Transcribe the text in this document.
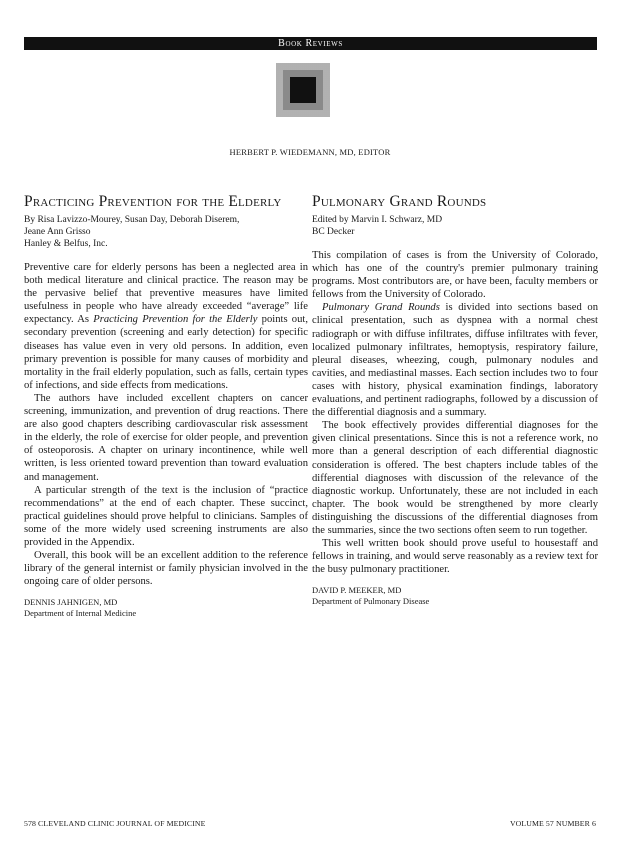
Book Reviews
HERBERT P. WIEDEMANN, MD, EDITOR
Practicing Prevention for the Elderly
By Risa Lavizzo-Mourey, Susan Day, Deborah Diserem,
Jeane Ann Grisso
Hanley & Belfus, Inc.

Preventive care for elderly persons has been a neglected area in both medical literature and clinical practice. The reason may be the pervasive belief that preventive measures have limited usefulness in people who have already exceeded “average” life expectancy. As Practicing Prevention for the Elderly points out, secondary prevention (screening and early detection) for specific diseases has value even in very old persons. In addition, even primary prevention is possible for many causes of morbidity and mortality in the frail elderly population, such as falls, certain types of infections, and side effects from medications.

The authors have included excellent chapters on cancer screening, immunization, and prevention of drug reactions. There are also good chapters describing cardiovascular risk assessment in the elderly, the role of exercise for older people, and prevention of osteoporosis. A chapter on urinary incontinence, while well written, is less oriented toward prevention than toward evaluation and management.

A particular strength of the text is the inclusion of “practice recommendations” at the end of each chapter. These succinct, practical guidelines should prove helpful to clinicians. Samples of some of the more widely used screening instruments are also provided in the Appendix.

Overall, this book will be an excellent addition to the reference library of the general internist or family physician involved in the ongoing care of older persons.

DENNIS JAHNIGEN, MD
Department of Internal Medicine
Pulmonary Grand Rounds
Edited by Marvin I. Schwarz, MD
BC Decker

This compilation of cases is from the University of Colorado, which has one of the country's premier pulmonary training programs. Most contributors are, or have been, faculty members or fellows from the University of Colorado.

Pulmonary Grand Rounds is divided into sections based on clinical presentation, such as dyspnea with a normal chest radiograph or with diffuse infiltrates, diffuse infiltrates with fever, localized pulmonary infiltrates, hemoptysis, respiratory failure, pleural diseases, wheezing, cough, pulmonary nodules and cavities, and mediastinal masses. Each section includes two to four cases with history, physical examination findings, laboratory evaluations, and pertinent radiographs, followed by a discussion of the differential diagnosis and a summary.

The book effectively provides differential diagnoses for the given clinical presentations. Since this is not a reference work, no more than a general description of each differential diagnostic consideration is offered. The best chapters include tables of the differential diagnoses with discussion of the relevance of the diagnostic workup. Unfortunately, these are not included in each chapter. The book would be strengthened by more clearly distinguishing the discussions of the differential diagnoses from the summaries, since the two sections often seem to run together.

This well written book should prove useful to housestaff and fellows in training, and would serve reasonably as a review text for the busy pulmonary practitioner.

DAVID P. MEEKER, MD
Department of Pulmonary Disease
578 CLEVELAND CLINIC JOURNAL OF MEDICINE	VOLUME 57 NUMBER 6
